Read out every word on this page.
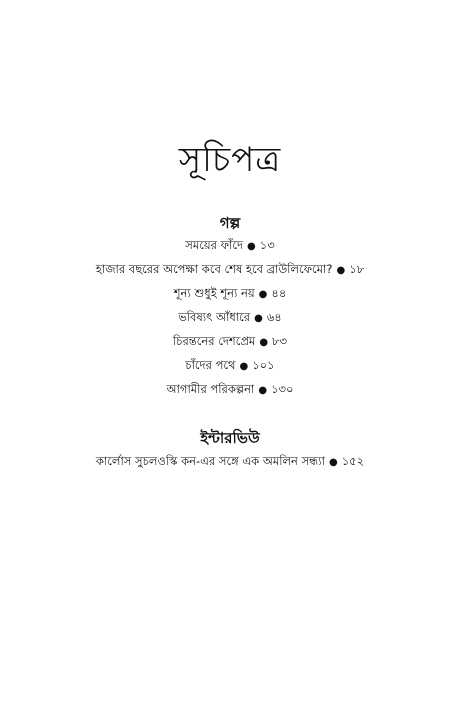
সূচিপত্র
গল্প
সময়ের ফাঁদে ● ১৩
হাজার বছরের অপেক্ষা কবে শেষ হবে ব্রাউলিফেমো? ● ১৮
শূন্য শুধুই শূন্য নয় ● ৪৪
ভবিষ্যৎ আঁধারে ● ৬৪
চিরন্তনের দেশপ্রেম ● ৮৩
চাঁদের পথে ● ১০১
আগামীর পরিকল্পনা ● ১৩০
ইন্টারভিউ
কার্লোস সুচলওস্কি কন-এর সঙ্গে এক অমলিন সন্ধ্যা ● ১৫২
